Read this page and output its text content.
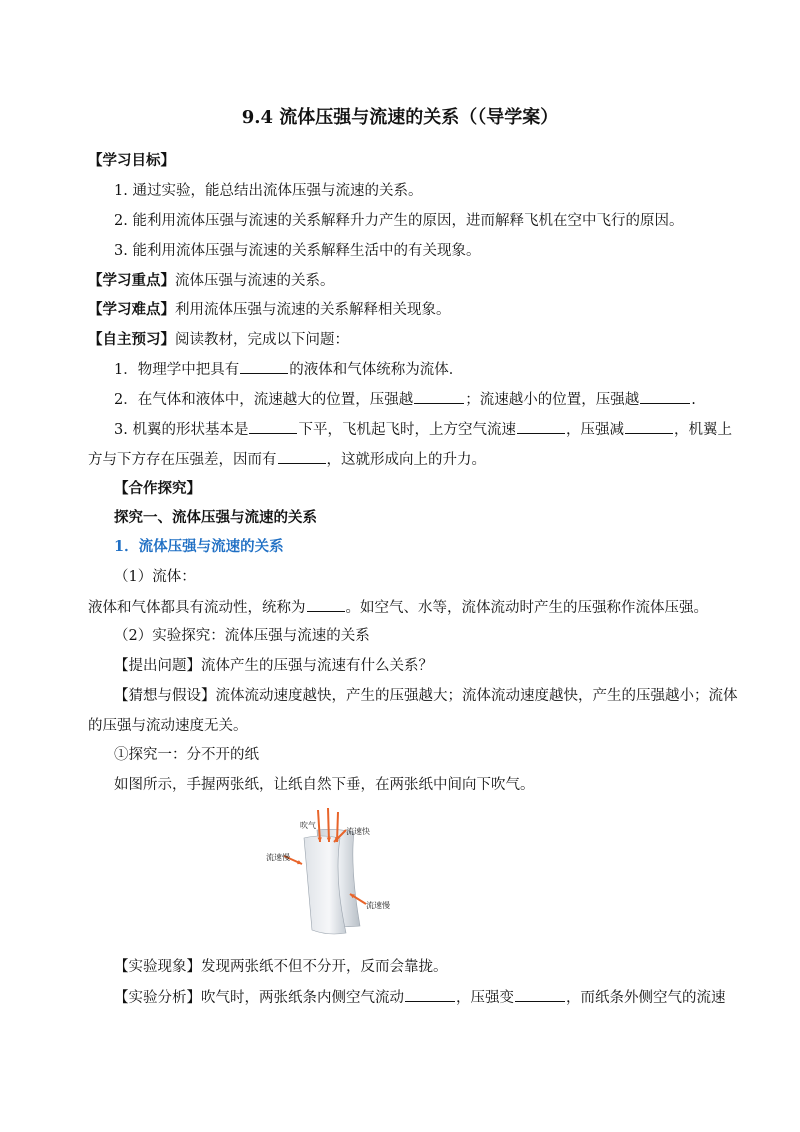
9.4 流体压强与流速的关系（（导学案）
【学习目标】
1. 通过实验，能总结出流体压强与流速的关系。
2. 能利用流体压强与流速的关系解释升力产生的原因，进而解释飞机在空中飞行的原因。
3. 能利用流体压强与流速的关系解释生活中的有关现象。
【学习重点】流体压强与流速的关系。
【学习难点】利用流体压强与流速的关系解释相关现象。
【自主预习】阅读教材，完成以下问题：
1．物理学中把具有	的液体和气体统称为流体．
2．在气体和液体中，流速越大的位置，压强越	；流速越小的位置，压强越	.
3. 机翼的形状基本是	下平，飞机起飞时，上方空气流速	，压强减	，机翼上
方与下方存在压强差，因而有	，这就形成向上的升力。
【合作探究】
探究一、流体压强与流速的关系
1．流体压强与流速的关系
（1）流体：
液体和气体都具有流动性，统称为	。如空气、水等，流体流动时产生的压强称作流体压强。
（2）实验探究：流体压强与流速的关系
【提出问题】流体产生的压强与流速有什么关系？
【猜想与假设】流体流动速度越快，产生的压强越大；流体流动速度越快，产生的压强越小；流体
的压强与流动速度无关。
①探究一：分不开的纸
如图所示，手握两张纸，让纸自然下垂，在两张纸中间向下吹气。
吹气
流速快
流速慢
流速慢
【实验现象】发现两张纸不但不分开，反而会靠拢。
【实验分析】吹气时，两张纸条内侧空气流动	，压强变	，而纸条外侧空气的流速
